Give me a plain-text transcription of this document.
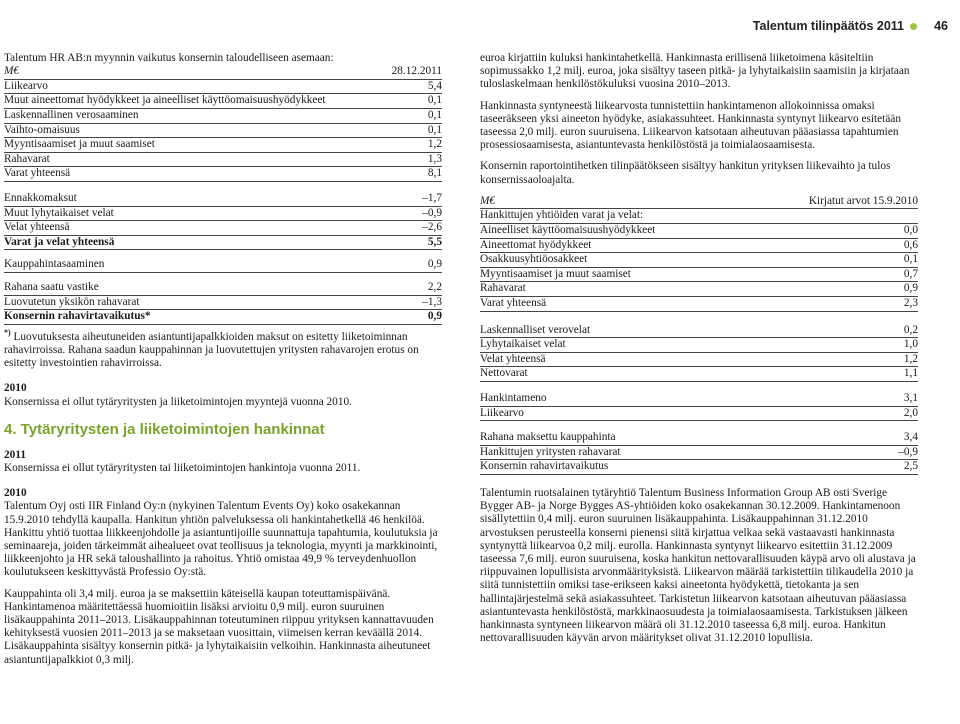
Talentum tilinpäätös 2011 46

Talentum HR AB:n myynnin vaikutus konsernin taloudelliseen asemaan:

M€	28.12.2011
Liikearvo	5,4
Muut aineettomat hyödykkeet ja aineelliset käyttöomaisuushyödykkeet	0,1
Laskennallinen verosaaminen	0,1
Vaihto-omaisuus	0,1
Myyntisaamiset ja muut saamiset	1,2
Rahavarat	1,3
Varat yhteensä	8,1
Ennakkomaksut	–1,7
Muut lyhytaikaiset velat	–0,9
Velat yhteensä	–2,6
Varat ja velat yhteensä	5,5
Kauppahintasaaminen	0,9
Rahana saatu vastike	2,2
Luovutetun yksikön rahavarat	–1,3
Konsernin rahavirtavaikutus*	0,9

*) Luovutuksesta aiheutuneiden asiantuntijapalkkioiden maksut on esitetty liiketoiminnan rahavirroissa. Rahana saadun kauppahinnan ja luovutettujen yritysten rahavarojen erotus on esitetty investointien rahavirroissa.

2010

Konsernissa ei ollut tytäryritysten ja liiketoimintojen myyntejä vuonna 2010.

4. Tytäryritysten ja liiketoimintojen hankinnat

2011

Konsernissa ei ollut tytäryritysten tai liiketoimintojen hankintoja vuonna 2011.

2010

Talentum Oyj osti IIR Finland Oy:n (nykyinen Talentum Events Oy) koko osakekannan 15.9.2010 tehdyllä kaupalla. Hankitun yhtiön palveluksessa oli hankintahetkellä 46 henkilöä. Hankittu yhtiö tuottaa liikkeenjohdolle ja asiantuntijoille suunnattuja tapahtumia, koulutuksia ja seminaareja, joiden tärkeimmät aihealueet ovat teollisuus ja teknologia, myynti ja markkinointi, liikkeenjohto ja HR sekä taloushallinto ja rahoitus. Yhtiö omistaa 49,9 % terveydenhuollon koulutukseen keskittyvästä Professio Oy:stä.

Kauppahinta oli 3,4 milj. euroa ja se maksettiin käteisellä kaupan toteuttamispäivänä. Hankintamenoa määritettäessä huomioitiin lisäksi arvioitu 0,9 milj. euron suuruinen lisäkauppahinta 2011–2013. Lisäkauppahinnan toteutuminen riippuu yrityksen kannattavuuden kehityksestä vuosien 2011–2013 ja se maksetaan vuosittain, viimeisen kerran keväällä 2014. Lisäkauppahinta sisältyy konsernin pitkä- ja lyhytaikaisiin velkoihin. Hankinnasta aiheutuneet asiantuntijapalkkiot 0,3 milj.

euroa kirjattiin kuluksi hankintahetkellä. Hankinnasta erillisenä liiketoimena käsiteltiin sopimussakko 1,2 milj. euroa, joka sisältyy taseen pitkä- ja lyhytaikaisiin saamisiin ja kirjataan tuloslaskelmaan henkilöstökuluksi vuosina 2010–2013.

Hankinnasta syntyneestä liikearvosta tunnistettiin hankintamenon allokoinnissa omaksi taseeräkseen yksi aineeton hyödyke, asiakassuhteet. Hankinnasta syntynyt liikearvo esitetään taseessa 2,0 milj. euron suuruisena. Liikearvon katsotaan aiheutuvan pääasiassa tapahtumien prosessiosaamisesta, asiantuntevasta henkilöstöstä ja toimialaosaamisesta.

Konsernin raportointihetken tilinpäätökseen sisältyy hankitun yrityksen liikevaihto ja tulos konsernissaoloajalta.

M€	Kirjatut arvot 15.9.2010
Hankittujen yhtiöiden varat ja velat:
Aineelliset käyttöomaisuushyödykkeet	0,0
Aineettomat hyödykkeet	0,6
Osakkuusyhtiöosakkeet	0,1
Myyntisaamiset ja muut saamiset	0,7
Rahavarat	0,9
Varat yhteensä	2,3
Laskennalliset verovelat	0,2
Lyhytaikaiset velat	1,0
Velat yhteensä	1,2
Nettovarat	1,1
Hankintameno	3,1
Liikearvo	2,0
Rahana maksettu kauppahinta	3,4
Hankittujen yritysten rahavarat	–0,9
Konsernin rahavirtavaikutus	2,5

Talentumin ruotsalainen tytäryhtiö Talentum Business Information Group AB osti Sverige Bygger AB- ja Norge Bygges AS-yhtiöiden koko osakekannan 30.12.2009. Hankintamenoon sisällytettiin 0,4 milj. euron suuruinen lisäkauppahinta. Lisäkauppahinnan 31.12.2010 arvostuksen perusteella konserni pienensi siitä kirjattua velkaa sekä vastaavasti hankinnasta syntynyttä liikearvoa 0,2 milj. eurolla. Hankinnasta syntynyt liikearvo esitettiin 31.12.2009 taseessa 7,6 milj. euron suuruisena, koska hankitun nettovarallisuuden käypä arvo oli alustava ja riippuvainen lopullisista arvonmäärityksistä. Liikearvon määrää tarkistettiin tilikaudella 2010 ja siitä tunnistettiin omiksi tase-erikseen kaksi aineetonta hyödykettä, tietokanta ja sen hallintajärjestelmä sekä asiakassuhteet. Tarkistetun liikearvon katsotaan aiheutuvan pääasiassa asiantuntevasta henkilöstöstä, markkinaosuudesta ja toimialaosaamisesta. Tarkistuksen jälkeen hankinnasta syntyneen liikearvon määrä oli 31.12.2010 taseessa 6,8 milj. euroa. Hankitun nettovarallisuuden käyvän arvon määritykset olivat 31.12.2010 lopullisia.
